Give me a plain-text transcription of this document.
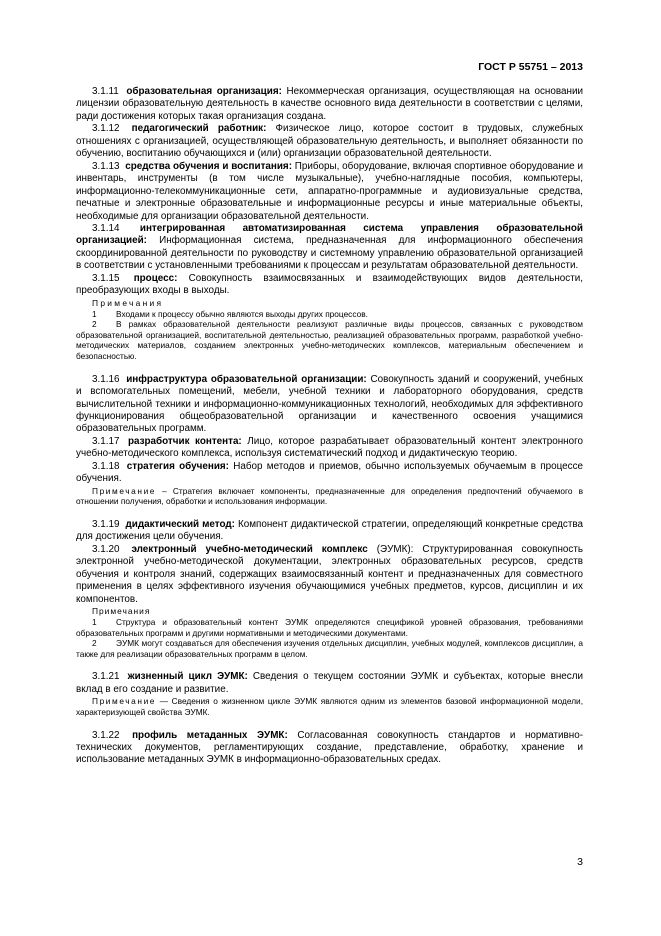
ГОСТ Р 55751 – 2013

3.1.11 образовательная организация: Некоммерческая организация, осуществляющая на основании лицензии образовательную деятельность в качестве основного вида деятельности в соответствии с целями, ради достижения которых такая организация создана.

3.1.12 педагогический работник: Физическое лицо, которое состоит в трудовых, служебных отношениях с организацией, осуществляющей образовательную деятельность, и выполняет обязанности по обучению, воспитанию обучающихся и (или) организации образовательной деятельности.

3.1.13 средства обучения и воспитания: Приборы, оборудование, включая спортивное оборудование и инвентарь, инструменты (в том числе музыкальные), учебно-наглядные пособия, компьютеры, информационно-телекоммуникационные сети, аппаратно-программные и аудиовизуальные средства, печатные и электронные образовательные и информационные ресурсы и иные материальные объекты, необходимые для организации образовательной деятельности.

3.1.14 интегрированная автоматизированная система управления образовательной организацией: Информационная система, предназначенная для информационного обеспечения скоординированной деятельности по руководству и системному управлению образовательной организацией в соответствии с установленными требованиями к процессам и результатам образовательной деятельности.

3.1.15 процесс: Совокупность взаимосвязанных и взаимодействующих видов деятельности, преобразующих входы в выходы.

Примечания

1 Входами к процессу обычно являются выходы других процессов.

2 В рамках образовательной деятельности реализуют различные виды процессов, связанных с руководством образовательной организацией, воспитательной деятельностью, реализацией образовательных программ, разработкой учебно-методических материалов, созданием электронных учебно-методических комплексов, материальным обеспечением и безопасностью.

3.1.16 инфраструктура образовательной организации: Совокупность зданий и сооружений, учебных и вспомогательных помещений, мебели, учебной техники и лабораторного оборудования, средств вычислительной техники и информационно-коммуникационных технологий, необходимых для эффективного функционирования общеобразовательной организации и качественного освоения учащимися образовательных программ.

3.1.17 разработчик контента: Лицо, которое разрабатывает образовательный контент электронного учебно-методического комплекса, используя систематический подход и дидактическую теорию.

3.1.18 стратегия обучения: Набор методов и приемов, обычно используемых обучаемым в процессе обучения.

Примечание – Стратегия включает компоненты, предназначенные для определения предпочтений обучаемого в отношении получения, обработки и использования информации.

3.1.19 дидактический метод: Компонент дидактической стратегии, определяющий конкретные средства для достижения цели обучения.

3.1.20 электронный учебно-методический комплекс (ЭУМК): Структурированная совокупность электронной учебно-методической документации, электронных образовательных ресурсов, средств обучения и контроля знаний, содержащих взаимосвязанный контент и предназначенных для совместного применения в целях эффективного изучения обучающимися учебных предметов, курсов, дисциплин и их компонентов.

Примечания

1 Структура и образовательный контент ЭУМК определяются спецификой уровней образования, требованиями образовательных программ и другими нормативными и методическими документами.

2 ЭУМК могут создаваться для обеспечения изучения отдельных дисциплин, учебных модулей, комплексов дисциплин, а также для реализации образовательных программ в целом.

3.1.21 жизненный цикл ЭУМК: Сведения о текущем состоянии ЭУМК и субъектах, которые внесли вклад в его создание и развитие.

Примечание — Сведения о жизненном цикле ЭУМК являются одним из элементов базовой информационной модели, характеризующей свойства ЭУМК.

3.1.22 профиль метаданных ЭУМК: Согласованная совокупность стандартов и нормативно-технических документов, регламентирующих создание, представление, обработку, хранение и использование метаданных ЭУМК в информационно-образовательных средах.

3
